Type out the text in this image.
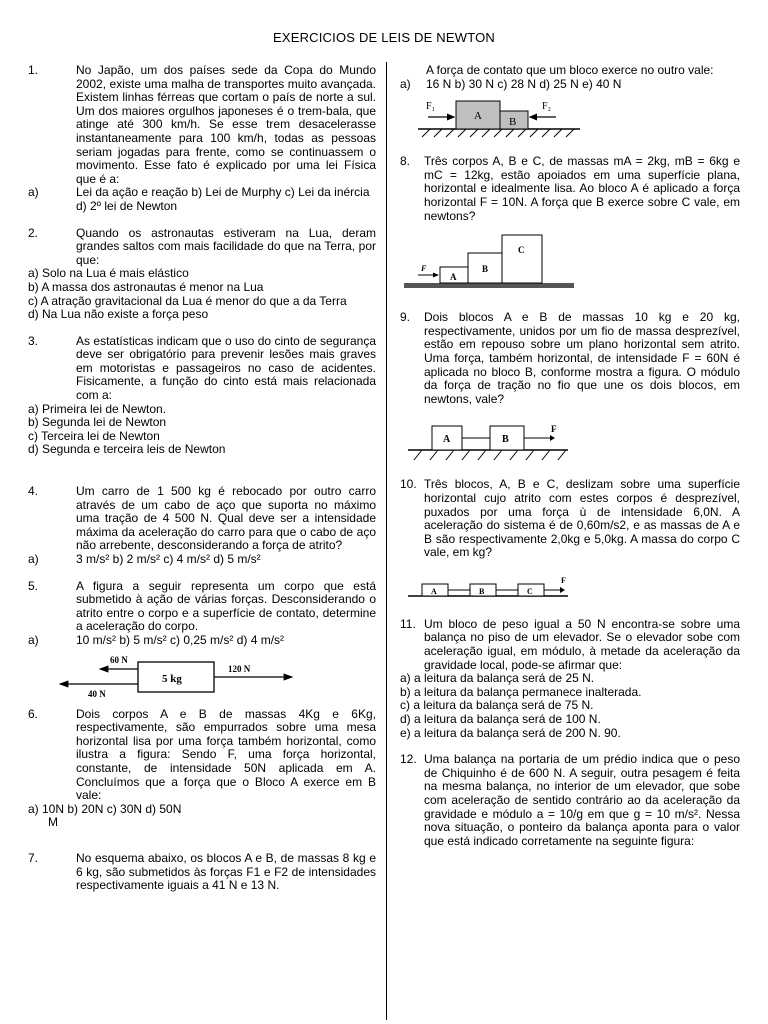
EXERCICIOS DE LEIS DE NEWTON
1.	No Japão, um dos países sede da Copa do Mundo 2002, existe uma malha de transportes muito avançada. Existem linhas férreas que cortam o país de norte a sul. Um dos maiores orgulhos japoneses é o trem-bala, que atinge até 300 km/h. Se esse trem desacelerasse instantaneamente para 100 km/h, todas as pessoas seriam jogadas para frente, como se continuassem o movimento. Esse fato é explicado por uma lei Física que é a:
a)	Lei da ação e reação b) Lei de Murphy c) Lei da inércia d) 2º lei de Newton
2.	Quando os astronautas estiveram na Lua, deram grandes saltos com mais facilidade do que na Terra, por que:
a) Solo na Lua é mais elástico
b) A massa dos astronautas é menor na Lua
c) A atração gravitacional da Lua é menor do que a da Terra
d) Na Lua não existe a força peso
3.	As estatísticas indicam que o uso do cinto de segurança deve ser obrigatório para prevenir lesões mais graves em motoristas e passageiros no caso de acidentes. Fisicamente, a função do cinto está mais relacionada com a:
a) Primeira lei de Newton.
b) Segunda lei de Newton
c) Terceira lei de Newton
d) Segunda e terceira leis de Newton
4.	Um carro de 1 500 kg é rebocado por outro carro através de um cabo de aço que suporta no máximo uma tração de 4 500 N. Qual deve ser a intensidade máxima da aceleração do carro para que o cabo de aço não arrebente, desconsiderando a força de atrito?
a)	3 m/s² b) 2 m/s² c) 4 m/s² d) 5 m/s²
5.	A figura a seguir representa um corpo que está submetido à ação de várias forças. Desconsiderando o atrito entre o corpo e a superfície de contato, determine a aceleração do corpo.
a)	10 m/s² b) 5 m/s² c) 0,25 m/s² d) 4 m/s²
60 N
40 N
120 N
5 kg
6.	Dois corpos A e B de massas 4Kg e 6Kg, respectivamente, são empurrados sobre uma mesa horizontal lisa por uma força também horizontal, como ilustra a figura: Sendo F, uma força horizontal, constante, de intensidade 50N aplicada em A. Concluímos que a força que o Bloco A exerce em B vale:
a) 10N b) 20N c) 30N d) 50N
M
7.	No esquema abaixo, os blocos A e B, de massas 8 kg e 6 kg, são submetidos às forças F1 e F2 de intensidades respectivamente iguais a 41 N e 13 N.
A força de contato que um bloco exerce no outro vale:
a) 16 N b) 30 N c) 28 N d) 25 N e) 40 N
A B
F₁	F₂
8. Três corpos A, B e C, de massas mA = 2kg, mB = 6kg e mC = 12kg, estão apoiados em uma superfície plana, horizontal e idealmente lisa. Ao bloco A é aplicado a força horizontal F = 10N. A força que B exerce sobre C vale, em newtons?
F
A
B
C
9. Dois blocos A e B de massas 10 kg e 20 kg, respectivamente, unidos por um fio de massa desprezível, estão em repouso sobre um plano horizontal sem atrito. Uma força, também horizontal, de intensidade F = 60N é aplicada no bloco B, conforme mostra a figura. O módulo da força de tração no fio que une os dois blocos, em newtons, vale?
A	B
F
10. Três blocos, A, B e C, deslizam sobre uma superfície horizontal cujo atrito com estes corpos é desprezível, puxados por uma força ù de intensidade 6,0N. A aceleração do sistema é de 0,60m/s2, e as massas de A e B são respectivamente 2,0kg e 5,0kg. A massa do corpo C vale, em kg?
A	B	C
F
11. Um bloco de peso igual a 50 N encontra-se sobre uma balança no piso de um elevador. Se o elevador sobe com aceleração igual, em módulo, à metade da aceleração da gravidade local, pode-se afirmar que:
a) a leitura da balança será de 25 N.
b) a leitura da balança permanece inalterada.
c) a leitura da balança será de 75 N.
d) a leitura da balança será de 100 N.
e) a leitura da balança será de 200 N. 90.
12. Uma balança na portaria de um prédio indica que o peso de Chiquinho é de 600 N. A seguir, outra pesagem é feita na mesma balança, no interior de um elevador, que sobe com aceleração de sentido contrário ao da aceleração da gravidade e módulo a = 10/g em que g = 10 m/s². Nessa nova situação, o ponteiro da balança aponta para o valor que está indicado corretamente na seguinte figura:
